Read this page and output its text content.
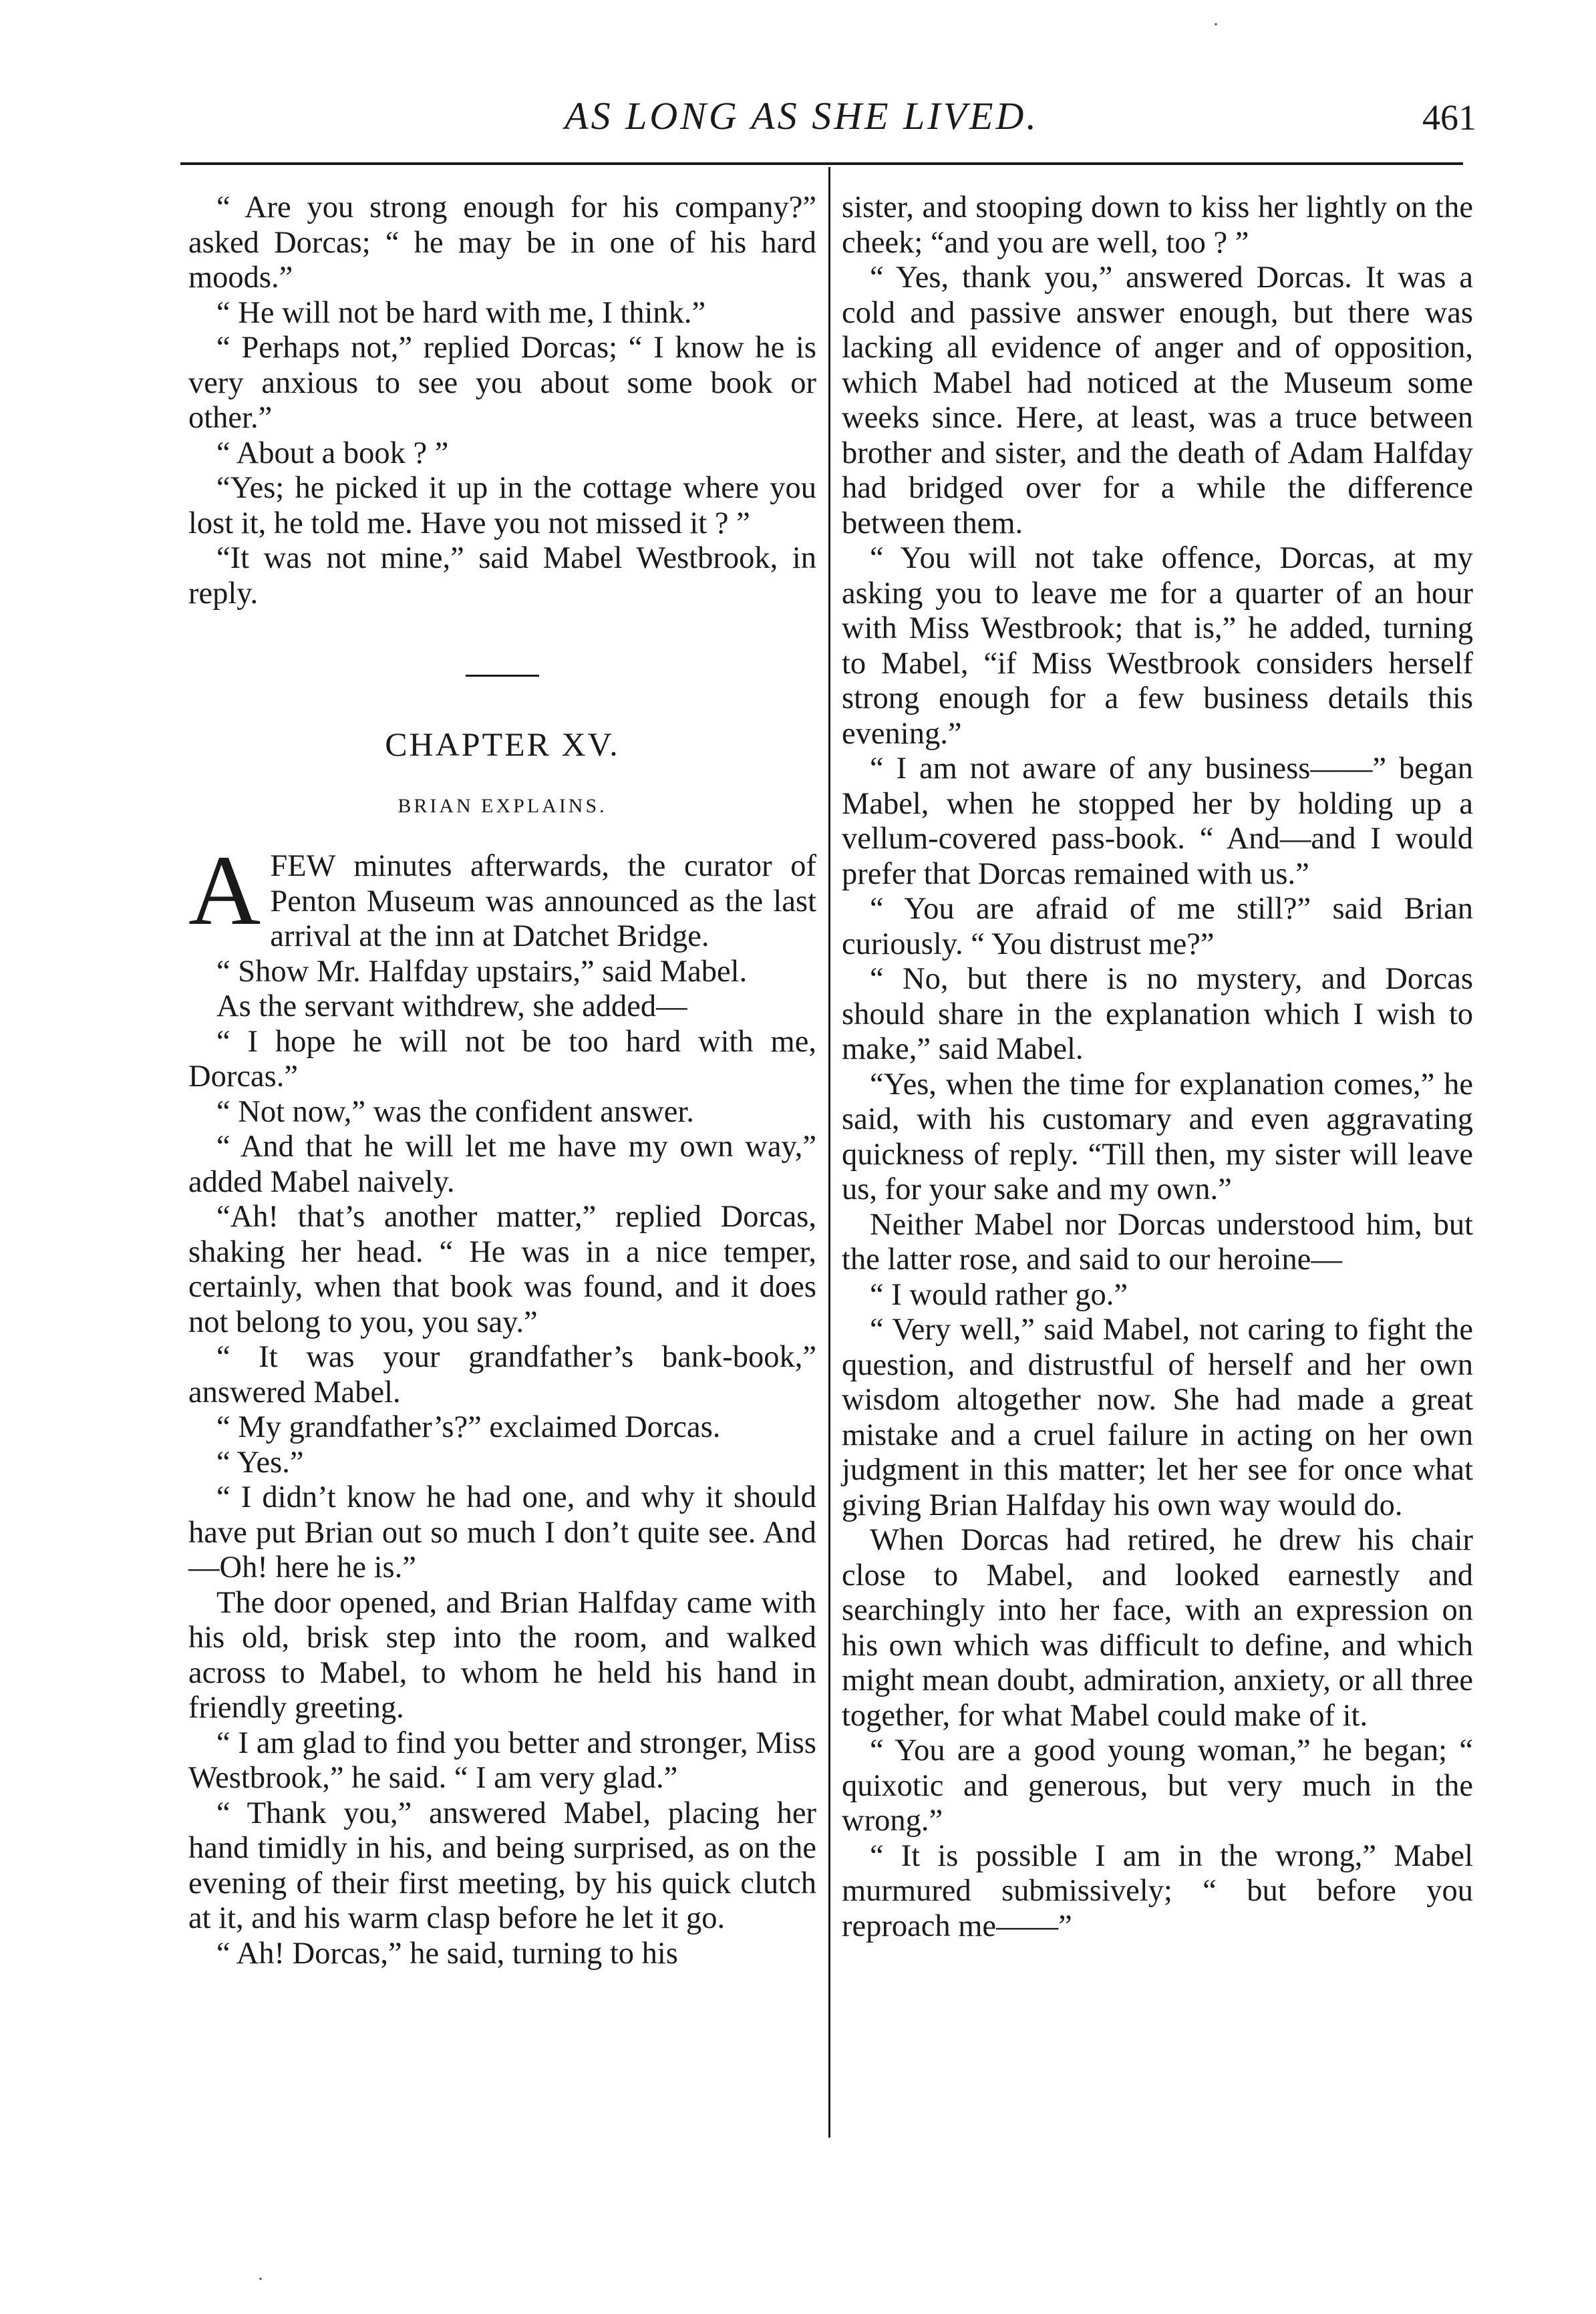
AS LONG AS SHE LIVED.	461

“ Are you strong enough for his company?” asked Dorcas; “ he may be in one of his hard moods.”

“ He will not be hard with me, I think.”

“ Perhaps not,” replied Dorcas; “ I know he is very anxious to see you about some book or other.”

“ About a book ? ”

“Yes; he picked it up in the cottage where you lost it, he told me. Have you not missed it ? ”

“It was not mine,” said Mabel Westbrook, in reply.

CHAPTER XV.
BRIAN EXPLAINS.

AFEW minutes afterwards, the curator of Penton Museum was announced as the last arrival at the inn at Datchet Bridge.

“ Show Mr. Halfday upstairs,” said Mabel.

As the servant withdrew, she added—

“ I hope he will not be too hard with me, Dorcas.”

“ Not now,” was the confident answer.

“ And that he will let me have my own way,” added Mabel naively.

“Ah! that’s another matter,” replied Dorcas, shaking her head. “ He was in a nice temper, certainly, when that book was found, and it does not belong to you, you say.”

“ It was your grandfather’s bank-book,” answered Mabel.

“ My grandfather’s?” exclaimed Dorcas.

“ Yes.”

“ I didn’t know he had one, and why it should have put Brian out so much I don’t quite see. And—Oh! here he is.”

The door opened, and Brian Halfday came with his old, brisk step into the room, and walked across to Mabel, to whom he held his hand in friendly greeting.

“ I am glad to find you better and stronger, Miss Westbrook,” he said. “ I am very glad.”

“ Thank you,” answered Mabel, placing her hand timidly in his, and being surprised, as on the evening of their first meeting, by his quick clutch at it, and his warm clasp before he let it go.

“ Ah! Dorcas,” he said, turning to his

sister, and stooping down to kiss her lightly on the cheek; “and you are well, too ? ”

“ Yes, thank you,” answered Dorcas. It was a cold and passive answer enough, but there was lacking all evidence of anger and of opposition, which Mabel had noticed at the Museum some weeks since. Here, at least, was a truce between brother and sister, and the death of Adam Halfday had bridged over for a while the difference between them.

“ You will not take offence, Dorcas, at my asking you to leave me for a quarter of an hour with Miss Westbrook; that is,” he added, turning to Mabel, “if Miss Westbrook considers herself strong enough for a few business details this evening.”

“ I am not aware of any business——” began Mabel, when he stopped her by holding up a vellum-covered pass-book. “ And—and I would prefer that Dorcas remained with us.”

“ You are afraid of me still?” said Brian curiously. “ You distrust me?”

“ No, but there is no mystery, and Dorcas should share in the explanation which I wish to make,” said Mabel.

“Yes, when the time for explanation comes,” he said, with his customary and even aggravating quickness of reply. “Till then, my sister will leave us, for your sake and my own.”

Neither Mabel nor Dorcas understood him, but the latter rose, and said to our heroine—

“ I would rather go.”

“ Very well,” said Mabel, not caring to fight the question, and distrustful of herself and her own wisdom altogether now. She had made a great mistake and a cruel failure in acting on her own judgment in this matter; let her see for once what giving Brian Halfday his own way would do.

When Dorcas had retired, he drew his chair close to Mabel, and looked earnestly and searchingly into her face, with an expression on his own which was difficult to define, and which might mean doubt, admiration, anxiety, or all three together, for what Mabel could make of it.

“ You are a good young woman,” he began; “ quixotic and generous, but very much in the wrong.”

“ It is possible I am in the wrong,” Mabel murmured submissively; “ but before you reproach me——”

·
·
